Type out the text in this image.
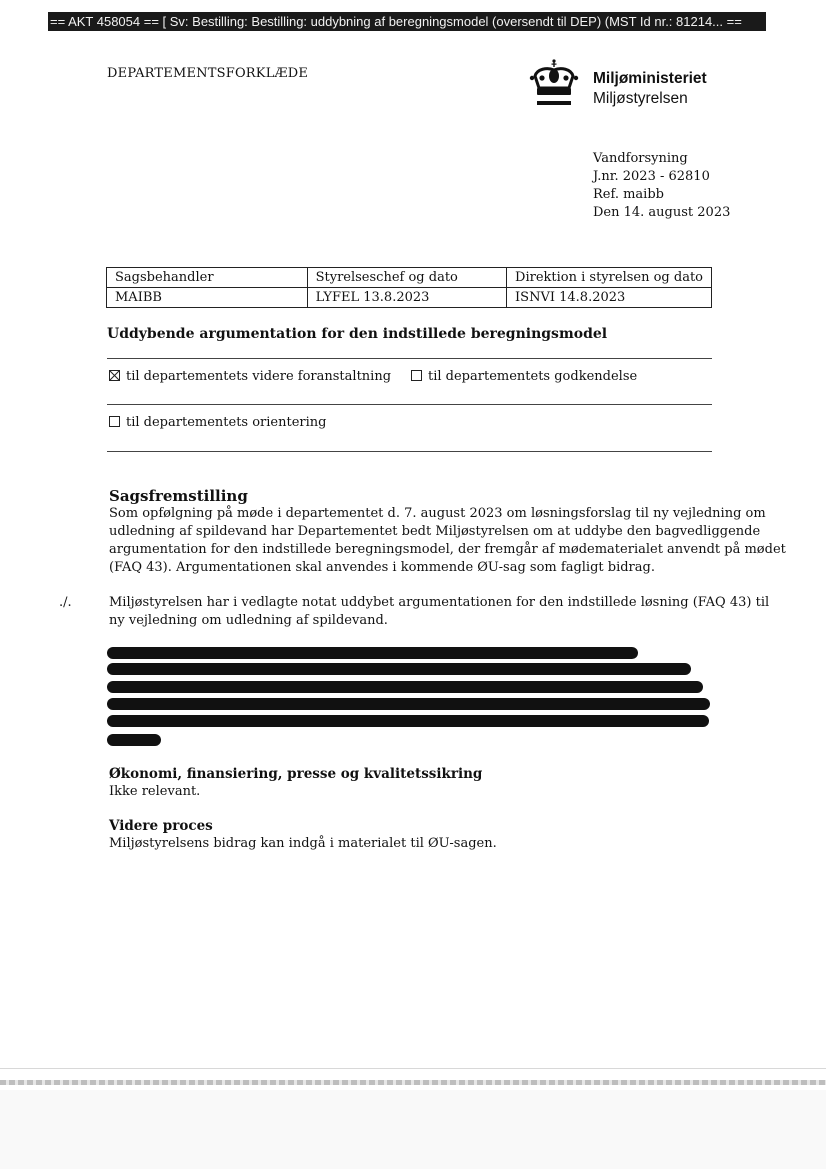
== AKT 458054 == [ Sv: Bestilling: Bestilling: uddybning af beregningsmodel (oversendt til DEP) (MST Id nr.: 81214... ==
DEPARTEMENTSFORKLÆDE	Miljøministeriet
Miljøstyrelsen
Vandforsyning
J.nr. 2023 - 62810
Ref. maibb
Den 14. august 2023
Sagsbehandler	Styrelseschef og dato	Direktion i styrelsen og dato
MAIBB	LYFEL 13.8.2023	ISNVI 14.8.2023
Uddybende argumentation for den indstillede beregningsmodel
til departementets videre foranstaltning	til departementets godkendelse
til departementets orientering
Sagsfremstilling
Som opfølgning på møde i departementet d. 7. august 2023 om løsningsforslag til ny vejledning om
udledning af spildevand har Departementet bedt Miljøstyrelsen om at uddybe den bagvedliggende
argumentation for den indstillede beregningsmodel, der fremgår af mødematerialet anvendt på mødet
(FAQ 43). Argumentationen skal anvendes i kommende ØU-sag som fagligt bidrag.
./.	Miljøstyrelsen har i vedlagte notat uddybet argumentationen for den indstillede løsning (FAQ 43) til
ny vejledning om udledning af spildevand.
Økonomi, finansiering, presse og kvalitetssikring
Ikke relevant.
Videre proces
Miljøstyrelsens bidrag kan indgå i materialet til ØU-sagen.
